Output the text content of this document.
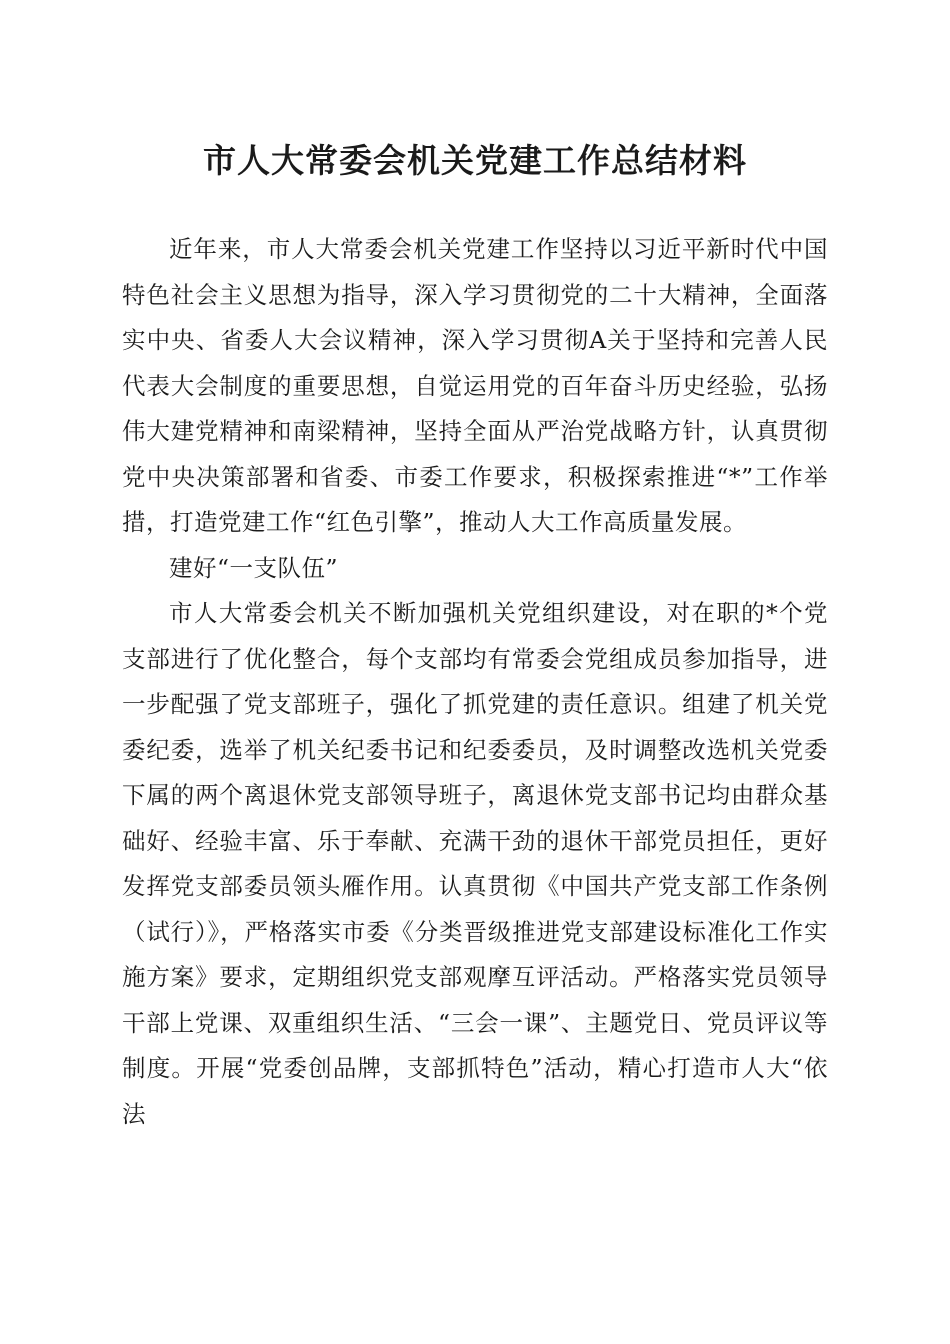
市人大常委会机关党建工作总结材料

近年来，市人大常委会机关党建工作坚持以习近平新时代中国特色社会主义思想为指导，深入学习贯彻党的二十大精神，全面落实中央、省委人大会议精神，深入学习贯彻A关于坚持和完善人民代表大会制度的重要思想，自觉运用党的百年奋斗历史经验，弘扬伟大建党精神和南梁精神，坚持全面从严治党战略方针，认真贯彻党中央决策部署和省委、市委工作要求，积极探索推进“*”工作举措，打造党建工作“红色引擎”，推动人大工作高质量发展。

建好“一支队伍”

市人大常委会机关不断加强机关党组织建设，对在职的*个党支部进行了优化整合，每个支部均有常委会党组成员参加指导，进一步配强了党支部班子，强化了抓党建的责任意识。组建了机关党委纪委，选举了机关纪委书记和纪委委员，及时调整改选机关党委下属的两个离退休党支部领导班子，离退休党支部书记均由群众基础好、经验丰富、乐于奉献、充满干劲的退休干部党员担任，更好发挥党支部委员领头雁作用。认真贯彻《中国共产党支部工作条例（试行）》，严格落实市委《分类晋级推进党支部建设标准化工作实施方案》要求，定期组织党支部观摩互评活动。严格落实党员领导干部上党课、双重组织生活、“三会一课”、主题党日、党员评议等制度。开展“党委创品牌，支部抓特色”活动，精心打造市人大“依法
